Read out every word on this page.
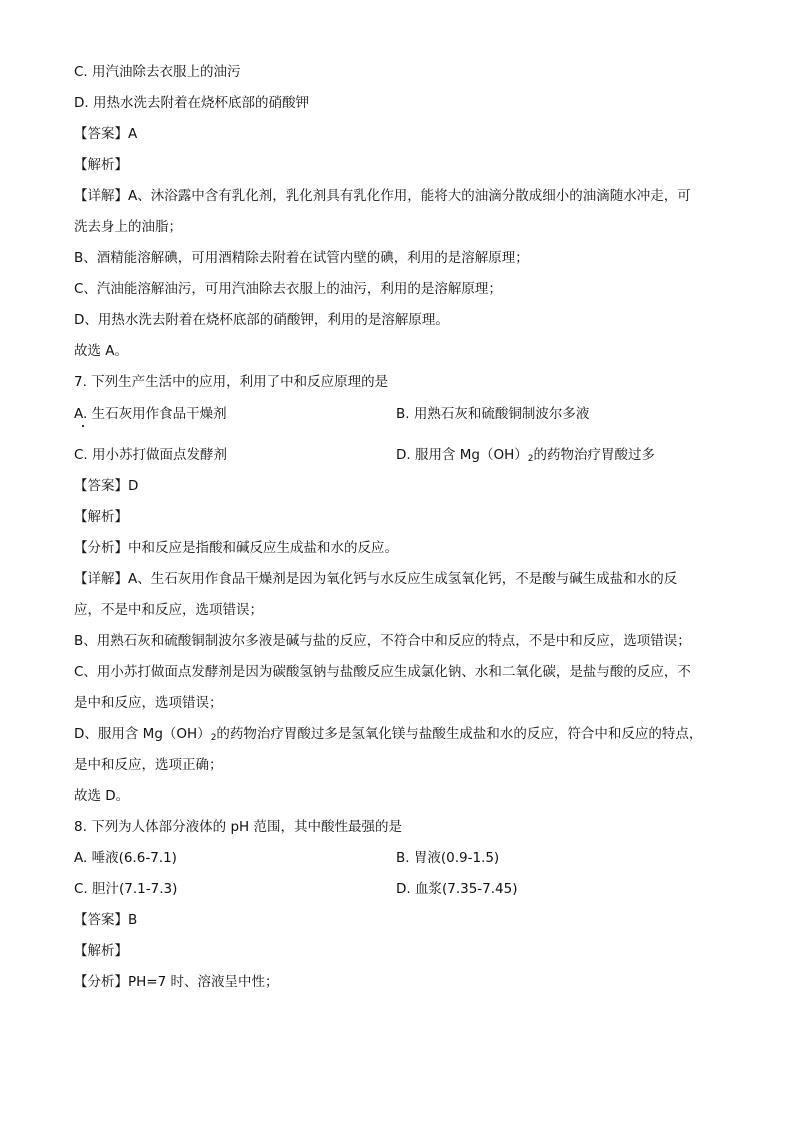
C. 用汽油除去衣服上的油污

D. 用热水洗去附着在烧杯底部的硝酸钾

【答案】A

【解析】

【详解】A、沐浴露中含有乳化剂，乳化剂具有乳化作用，能将大的油滴分散成细小的油滴随水冲走，可

洗去身上的油脂；

B、酒精能溶解碘，可用酒精除去附着在试管内壁的碘，利用的是溶解原理；

C、汽油能溶解油污，可用汽油除去衣服上的油污，利用的是溶解原理；

D、用热水洗去附着在烧杯底部的硝酸钾，利用的是溶解原理。

故选 A。

7. 下列生产生活中的应用，利用了中和反应原理的是

A. 生石灰用作食品干燥剂	B. 用熟石灰和硫酸铜制波尔多液
C. 用小苏打做面点发酵剂	D. 服用含 $Mg(OH)_2$的药物治疗胃酸过多

【答案】D

【解析】

【分析】中和反应是指酸和碱反应生成盐和水的反应。

【详解】A、生石灰用作食品干燥剂是因为氧化钙与水反应生成氢氧化钙，不是酸与碱生成盐和水的反

应，不是中和反应，选项错误；

B、用熟石灰和硫酸铜制波尔多液是碱与盐的反应，不符合中和反应的特点，不是中和反应，选项错误；

C、用小苏打做面点发酵剂是因为碳酸氢钠与盐酸反应生成氯化钠、水和二氧化碳，是盐与酸的反应，不

是中和反应，选项错误；

D、服用含 $Mg(OH)_2$的药物治疗胃酸过多是氢氧化镁与盐酸生成盐和水的反应，符合中和反应的特点，

是中和反应，选项正确；

故选 D。

8. 下列为人体部分液体的 pH 范围，其中酸性最强的是

A. 唾液(6.6-7.1)	B. 胃液(0.9-1.5)
C. 胆汁(7.1-7.3)	D. 血浆(7.35-7.45)

【答案】B

【解析】

【分析】PH=7 时、溶液呈中性；
